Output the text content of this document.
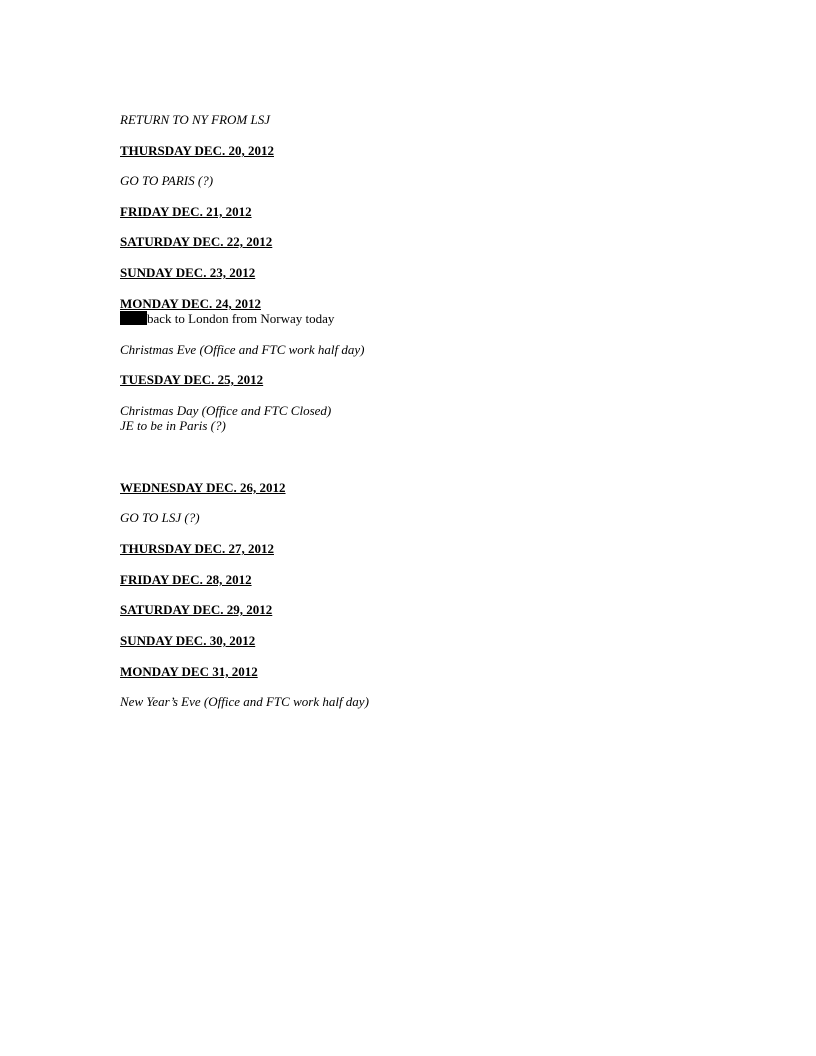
RETURN TO NY FROM LSJ
THURSDAY DEC. 20, 2012
GO TO PARIS (?)
FRIDAY DEC. 21, 2012
SATURDAY DEC. 22, 2012
SUNDAY DEC. 23, 2012
MONDAY DEC. 24, 2012
back to London from Norway today
Christmas Eve (Office and FTC work half day)
TUESDAY DEC. 25, 2012
Christmas Day (Office and FTC Closed)
JE to be in Paris (?)
WEDNESDAY DEC. 26, 2012
GO TO LSJ (?)
THURSDAY DEC. 27, 2012
FRIDAY DEC. 28, 2012
SATURDAY DEC. 29, 2012
SUNDAY DEC. 30, 2012
MONDAY DEC 31, 2012
New Year’s Eve (Office and FTC work half day)
